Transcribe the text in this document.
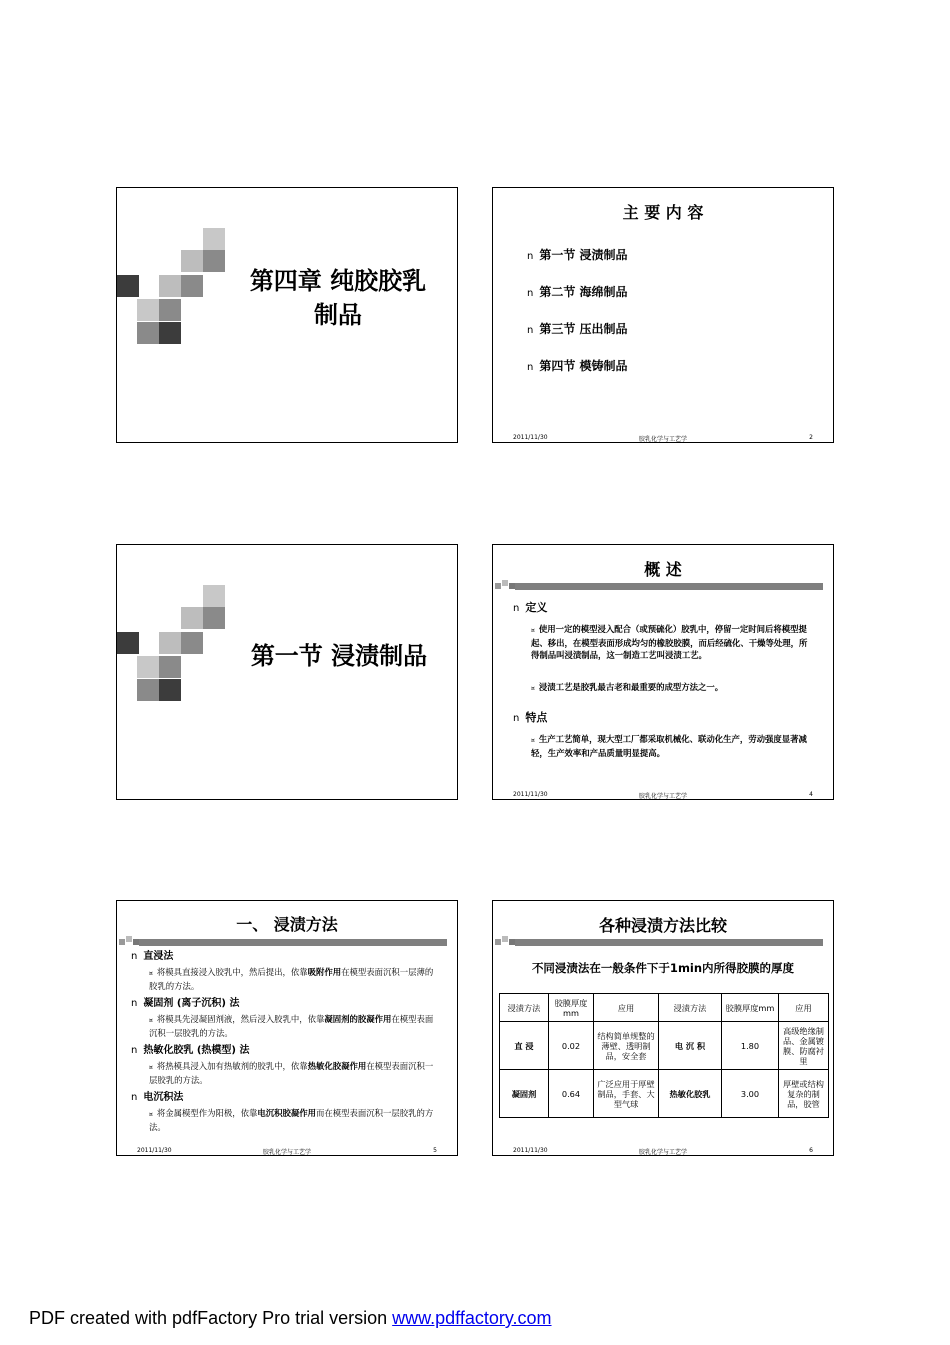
第四章 纯胶胶乳
制品
主 要 内 容
n 第一节 浸渍制品
n 第二节 海绵制品
n 第三节 压出制品
n 第四节 模铸制品
2011/11/30	胶乳化学与工艺学	2
第一节 浸渍制品
概 述
n 定义
¤ 使用一定的模型浸入配合（或预硫化）胶乳中，停留一定时间后将模型提起、移出，在模型表面形成均匀的橡胶胶膜，而后经硫化、干燥等处理，所得制品叫浸渍制品，这一制造工艺叫浸渍工艺。
¤ 浸渍工艺是胶乳最古老和最重要的成型方法之一。
n 特点
¤ 生产工艺简单，现大型工厂都采取机械化、联动化生产，劳动强度显著减轻，生产效率和产品质量明显提高。
2011/11/30	胶乳化学与工艺学	4
一、 浸渍方法
n 直浸法
¤ 将模具直接浸入胶乳中，然后提出，依靠吸附作用在模型表面沉积一层薄的胶乳的方法。
n 凝固剂 (离子沉积) 法
¤ 将模具先浸凝固剂液，然后浸入胶乳中，依靠凝固剂的胶凝作用在模型表面沉积一层胶乳的方法。
n 热敏化胶乳 (热模型) 法
¤ 将热模具浸入加有热敏剂的胶乳中，依靠热敏化胶凝作用在模型表面沉积一层胶乳的方法。
n 电沉积法
¤ 将金属模型作为阳极，依靠电沉积胶凝作用而在模型表面沉积一层胶乳的方法。
2011/11/30	胶乳化学与工艺学	5
各种浸渍方法比较
不同浸渍法在一般条件下于1min内所得胶膜的厚度
浸渍方法	胶膜厚度mm	应用	浸渍方法	胶膜厚度mm	应用
直 浸	0.02	结构简单规整的薄壁、透明制品，安全套	电 沉 积	1.80	高级绝缘制品、金属镀膜、防腐衬里
凝固剂	0.64	广泛应用于厚壁制品，手套、大型气球	热敏化胶乳	3.00	厚壁或结构复杂的制品，胶管
2011/11/30	胶乳化学与工艺学	6
PDF created with pdfFactory Pro trial version www.pdffactory.com
